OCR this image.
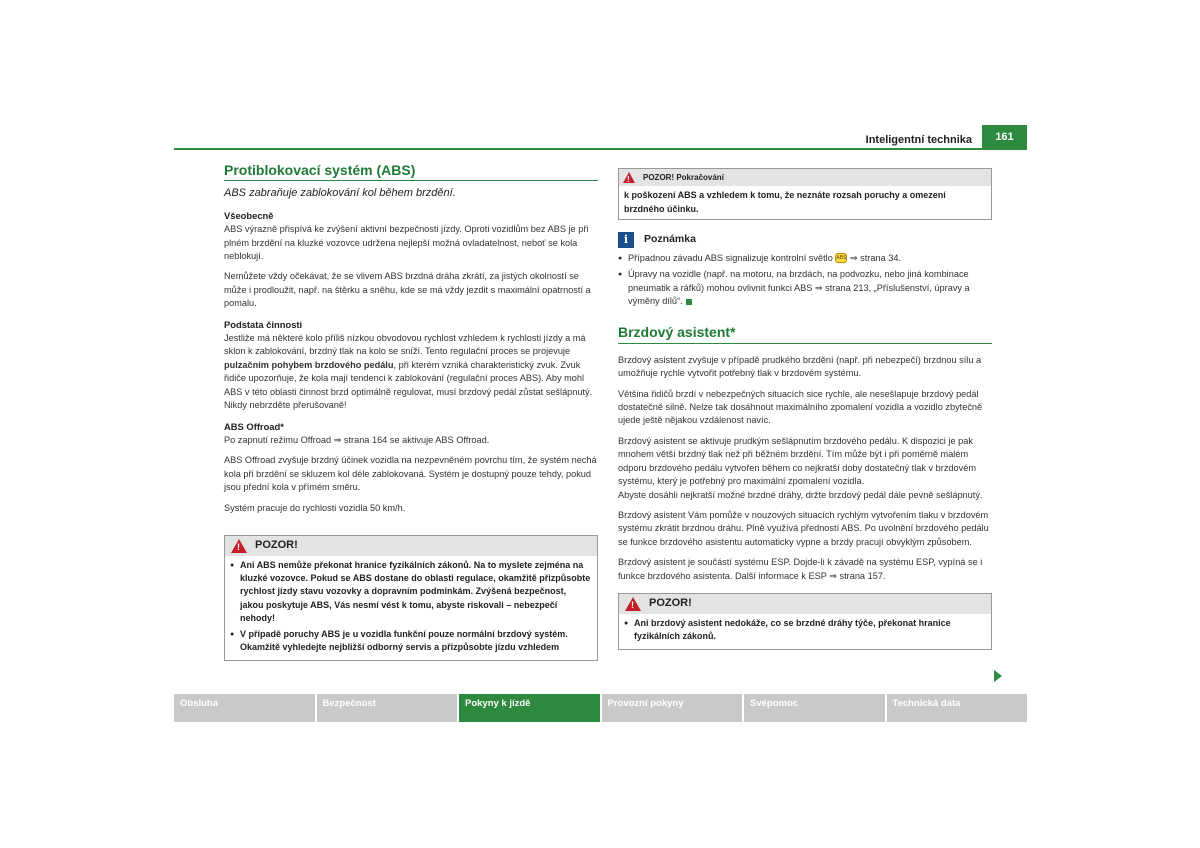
Inteligentní technika	161
Protiblokovací systém (ABS)
ABS zabraňuje zablokování kol během brzdění.
Všeobecně

ABS výrazně přispívá ke zvýšení aktivní bezpečnosti jízdy. Oproti vozidlům bez ABS je při plném brzdění na kluzké vozovce udržena nejlepší možná ovladatelnost, neboť se kola neblokují.

Nemůžete vždy očekávat, že se vlivem ABS brzdná dráha zkrátí, za jistých okolností se může i prodloužit, např. na štěrku a sněhu, kde se má vždy jezdit s maximální opatrností a pomalu.

Podstata činnosti

Jestliže má některé kolo příliš nízkou obvodovou rychlost vzhledem k rychlosti jízdy a má sklon k zablokování, brzdný tlak na kolo se sníží. Tento regulační proces se projevuje pulzačním pohybem brzdového pedálu, při kterém vzniká charakteristický zvuk. Zvuk řidiče upozorňuje, že kola mají tendenci k zablokování (regulační proces ABS). Aby mohl ABS v této oblasti činnost brzd optimálně regulovat, musí brzdový pedál zůstat sešlápnutý. Nikdy nebrzděte přerušovaně!

ABS Offroad*

Po zapnutí režimu Offroad ⇒ strana 164 se aktivuje ABS Offroad.

ABS Offroad zvyšuje brzdný účinek vozidla na nezpevněném povrchu tím, že systém nechá kola při brzdění se skluzem kol déle zablokovaná. Systém je dostupný pouze tehdy, pokud jsou přední kola v přímém směru.

Systém pracuje do rychlosti vozidla 50 km/h.

!
POZOR!
● Ani ABS nemůže překonat hranice fyzikálních zákonů. Na to myslete zejména na kluzké vozovce. Pokud se ABS dostane do oblasti regulace, okamžitě přizpůsobte rychlost jízdy stavu vozovky a dopravním podmínkám. Zvýšená bezpečnost, jakou poskytuje ABS, Vás nesmí vést k tomu, abyste riskovali – nebezpečí nehody!
● V případě poruchy ABS je u vozidla funkční pouze normální brzdový systém. Okamžitě vyhledejte nejbližší odborný servis a přizpůsobte jízdu vzhledem
!
POZOR! Pokračování
k poškození ABS a vzhledem k tomu, že neznáte rozsah poruchy a omezení brzdného účinku.
i	Poznámka
● Případnou závadu ABS signalizuje kontrolní světlo ABS ⇒ strana 34.
● Úpravy na vozidle (např. na motoru, na brzdách, na podvozku, nebo jiná kombinace pneumatik a ráfků) mohou ovlivnit funkci ABS ⇒ strana 213, „Příslušenství, úpravy a výměny dílů“.
Brzdový asistent*

Brzdový asistent zvyšuje v případě prudkého brzdění (např. při nebezpečí) brzdnou sílu a umožňuje rychle vytvořit potřebný tlak v brzdovém systému.

Většina řidičů brzdí v nebezpečných situacích sice rychle, ale nesešlapuje brzdový pedál dostatečně silně. Nelze tak dosáhnout maximálního zpomalení vozidla a vozidlo zbytečně ujede ještě nějakou vzdálenost navíc.

Brzdový asistent se aktivuje prudkým sešlápnutím brzdového pedálu. K dispozici je pak mnohem větší brzdný tlak než při běžném brzdění. Tím může být i při poměrně malém odporu brzdového pedálu vytvořen během co nejkratší doby dostatečný tlak v brzdovém systému, který je potřebný pro maximální zpomalení vozidla.

Abyste dosáhli nejkratší možné brzdné dráhy, držte brzdový pedál dále pevně sešlápnutý.

Brzdový asistent Vám pomůže v nouzových situacích rychlým vytvořením tlaku v brzdovém systému zkrátit brzdnou dráhu. Plně využívá předností ABS. Po uvolnění brzdového pedálu se funkce brzdového asistentu automaticky vypne a brzdy pracují obvyklým způsobem.

Brzdový asistent je součástí systému ESP. Dojde-li k závadě na systému ESP, vypíná se i funkce brzdového asistenta. Další informace k ESP ⇒ strana 157.

!
POZOR!
● Ani brzdový asistent nedokáže, co se brzdné dráhy týče, překonat hranice fyzikálních zákonů.
Obsluha	Bezpečnost	Pokyny k jízdě	Provozní pokyny	Svépomoc	Technická data
